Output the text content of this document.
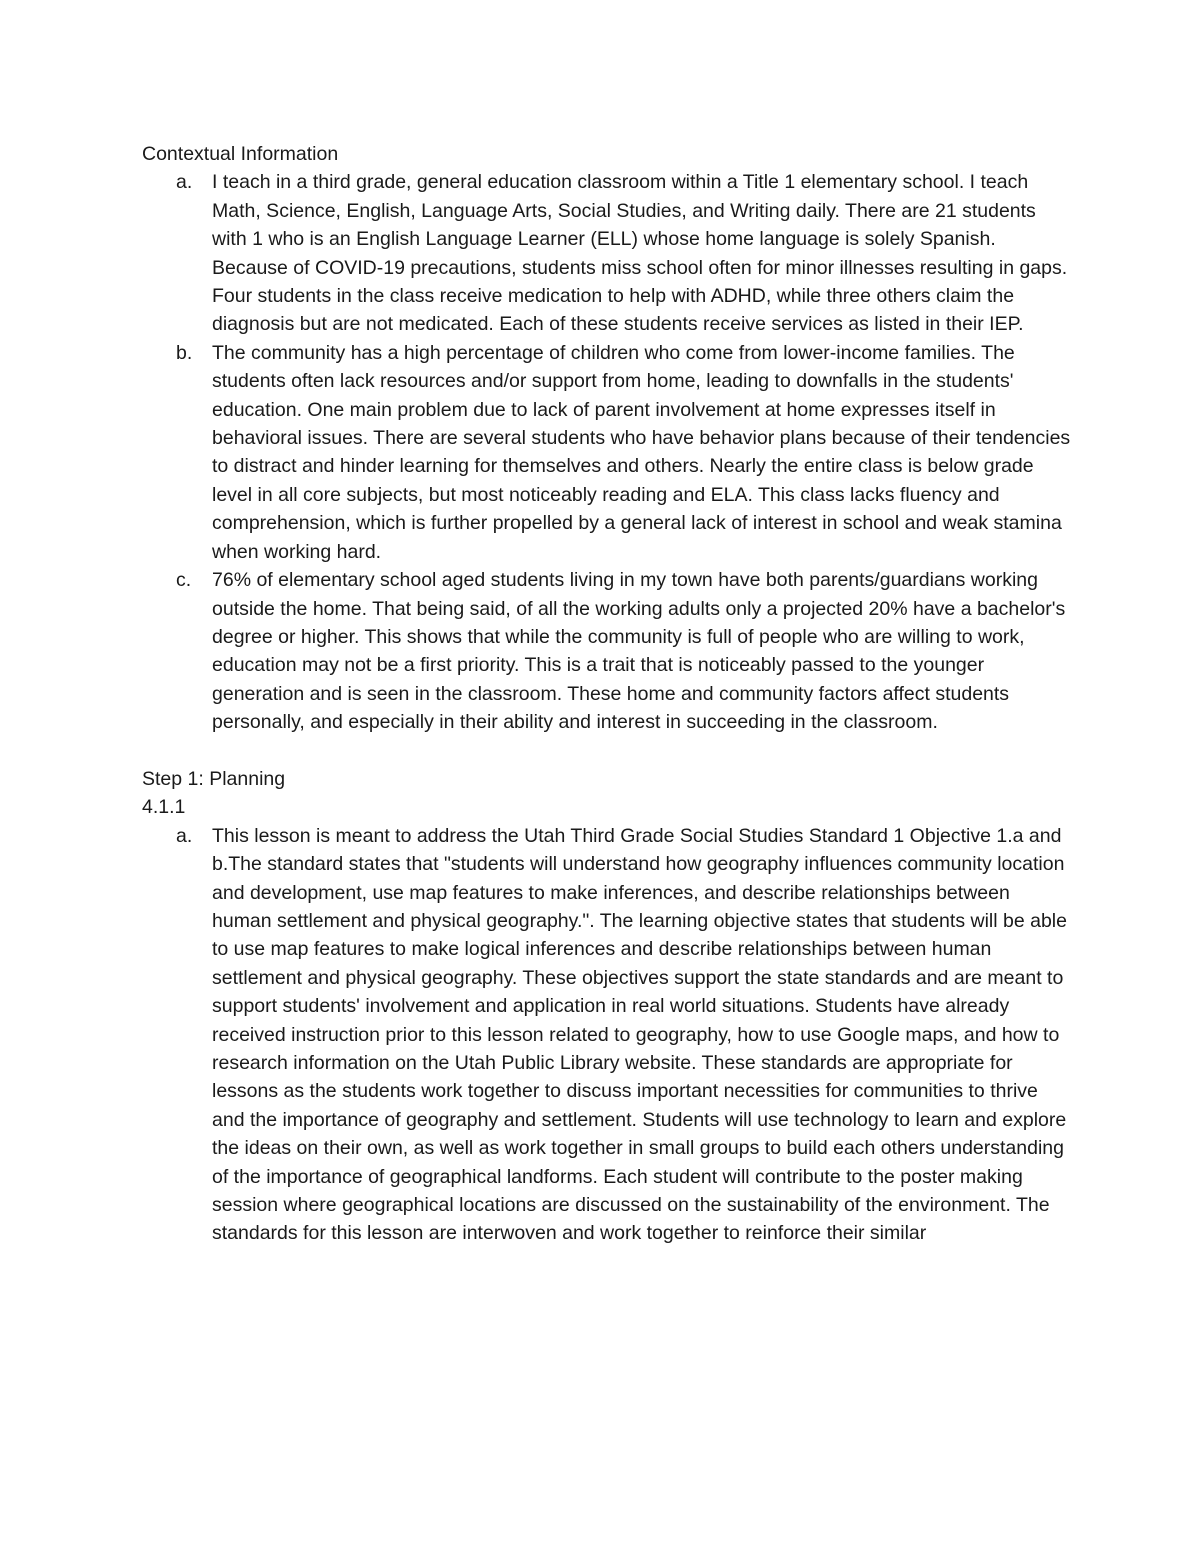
Contextual Information
a. I teach in a third grade, general education classroom within a Title 1 elementary school. I teach Math, Science, English, Language Arts, Social Studies, and Writing daily. There are 21 students with 1 who is an English Language Learner (ELL) whose home language is solely Spanish. Because of COVID-19 precautions, students miss school often for minor illnesses resulting in gaps. Four students in the class receive medication to help with ADHD, while three others claim the diagnosis but are not medicated. Each of these students receive services as listed in their IEP.
b. The community has a high percentage of children who come from lower-income families. The students often lack resources and/or support from home, leading to downfalls in the students' education. One main problem due to lack of parent involvement at home expresses itself in behavioral issues. There are several students who have behavior plans because of their tendencies to distract and hinder learning for themselves and others. Nearly the entire class is below grade level in all core subjects, but most noticeably reading and ELA. This class lacks fluency and comprehension, which is further propelled by a general lack of interest in school and weak stamina when working hard.
c. 76% of elementary school aged students living in my town have both parents/guardians working outside the home. That being said, of all the working adults only a projected 20% have a bachelor's degree or higher. This shows that while the community is full of people who are willing to work, education may not be a first priority. This is a trait that is noticeably passed to the younger generation and is seen in the classroom. These home and community factors affect students personally, and especially in their ability and interest in succeeding in the classroom.
Step 1: Planning
4.1.1
a. This lesson is meant to address the Utah Third Grade Social Studies Standard 1 Objective 1.a and b.The standard states that "students will understand how geography influences community location and development, use map features to make inferences, and describe relationships between human settlement and physical geography.". The learning objective states that students will be able to use map features to make logical inferences and describe relationships between human settlement and physical geography. These objectives support the state standards and are meant to support students' involvement and application in real world situations. Students have already received instruction prior to this lesson related to geography, how to use Google maps, and how to research information on the Utah Public Library website. These standards are appropriate for lessons as the students work together to discuss important necessities for communities to thrive and the importance of geography and settlement. Students will use technology to learn and explore the ideas on their own, as well as work together in small groups to build each others understanding of the importance of geographical landforms. Each student will contribute to the poster making session where geographical locations are discussed on the sustainability of the environment. The standards for this lesson are interwoven and work together to reinforce their similar
